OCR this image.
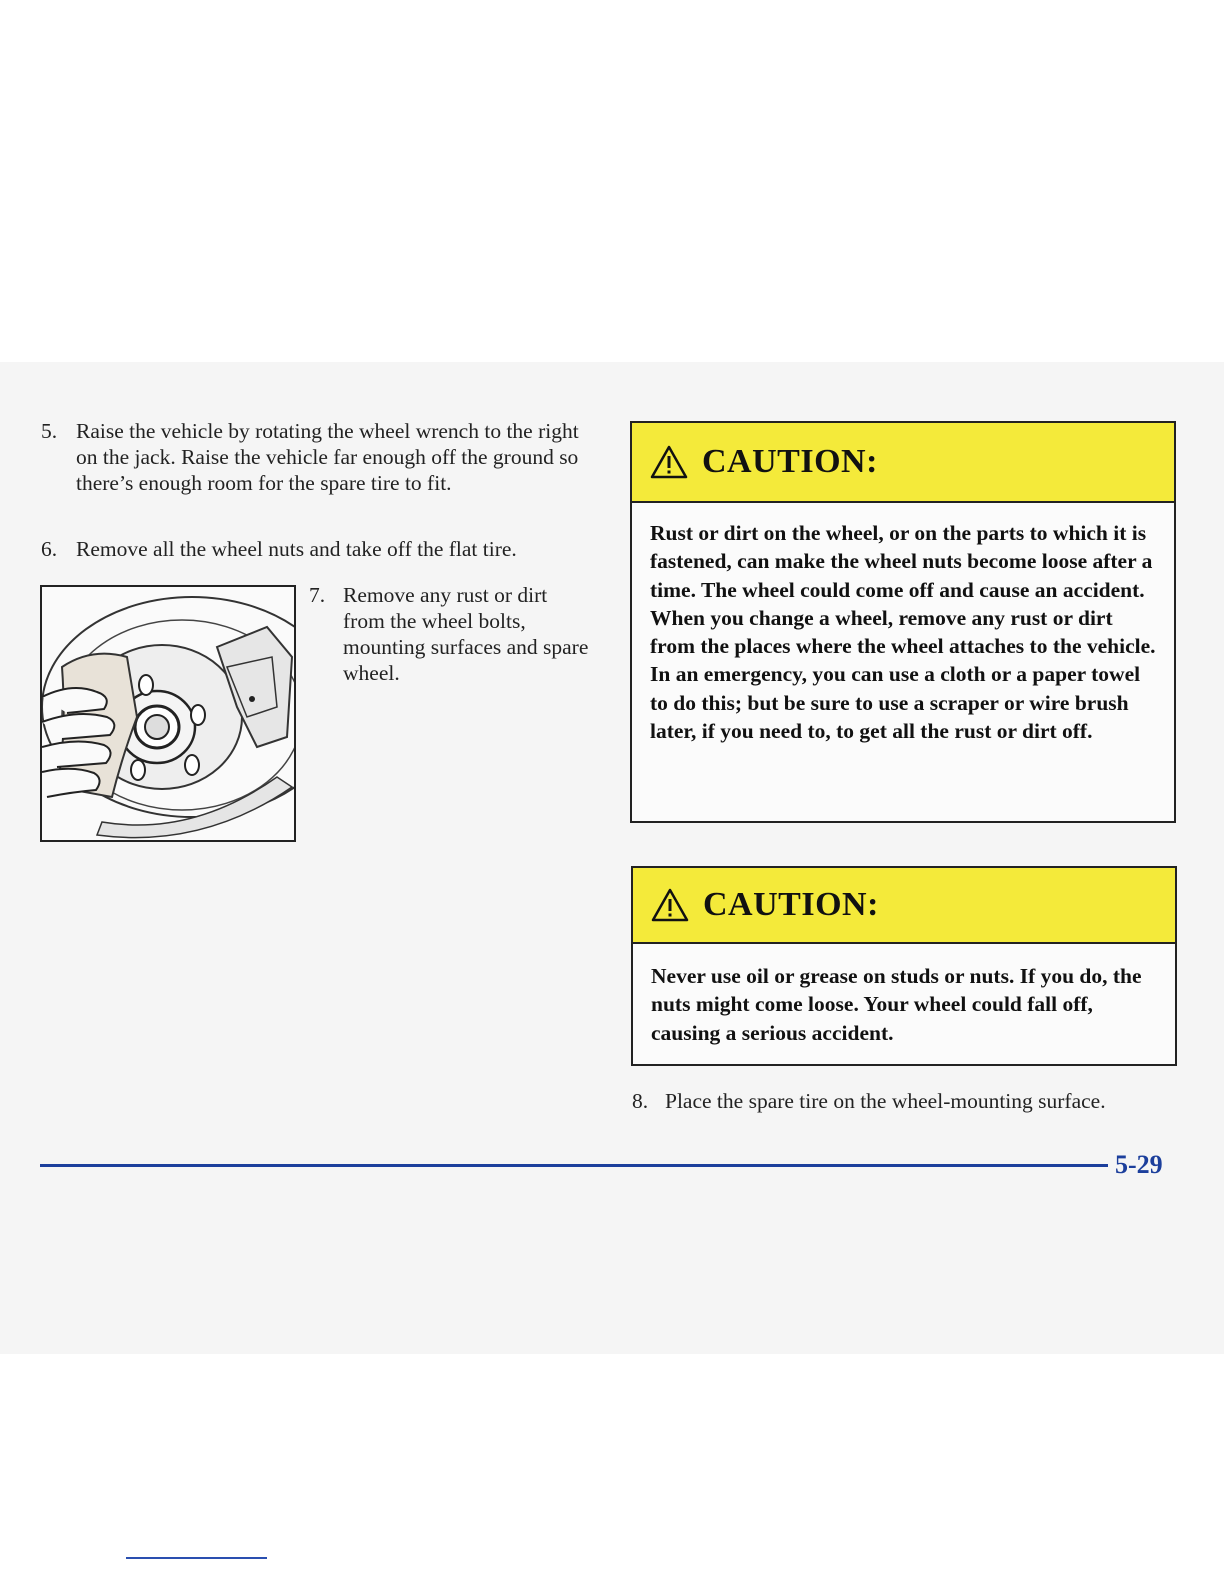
5. Raise the vehicle by rotating the wheel wrench to the right on the jack. Raise the vehicle far enough off the ground so there’s enough room for the spare tire to fit.
6. Remove all the wheel nuts and take off the flat tire.
7. Remove any rust or dirt from the wheel bolts, mounting surfaces and spare wheel.
CAUTION:
Rust or dirt on the wheel, or on the parts to which it is fastened, can make the wheel nuts become loose after a time. The wheel could come off and cause an accident. When you change a wheel, remove any rust or dirt from the places where the wheel attaches to the vehicle. In an emergency, you can use a cloth or a paper towel to do this; but be sure to use a scraper or wire brush later, if you need to, to get all the rust or dirt off.
CAUTION:
Never use oil or grease on studs or nuts. If you do, the nuts might come loose. Your wheel could fall off, causing a serious accident.
8. Place the spare tire on the wheel-mounting surface.
5-29
